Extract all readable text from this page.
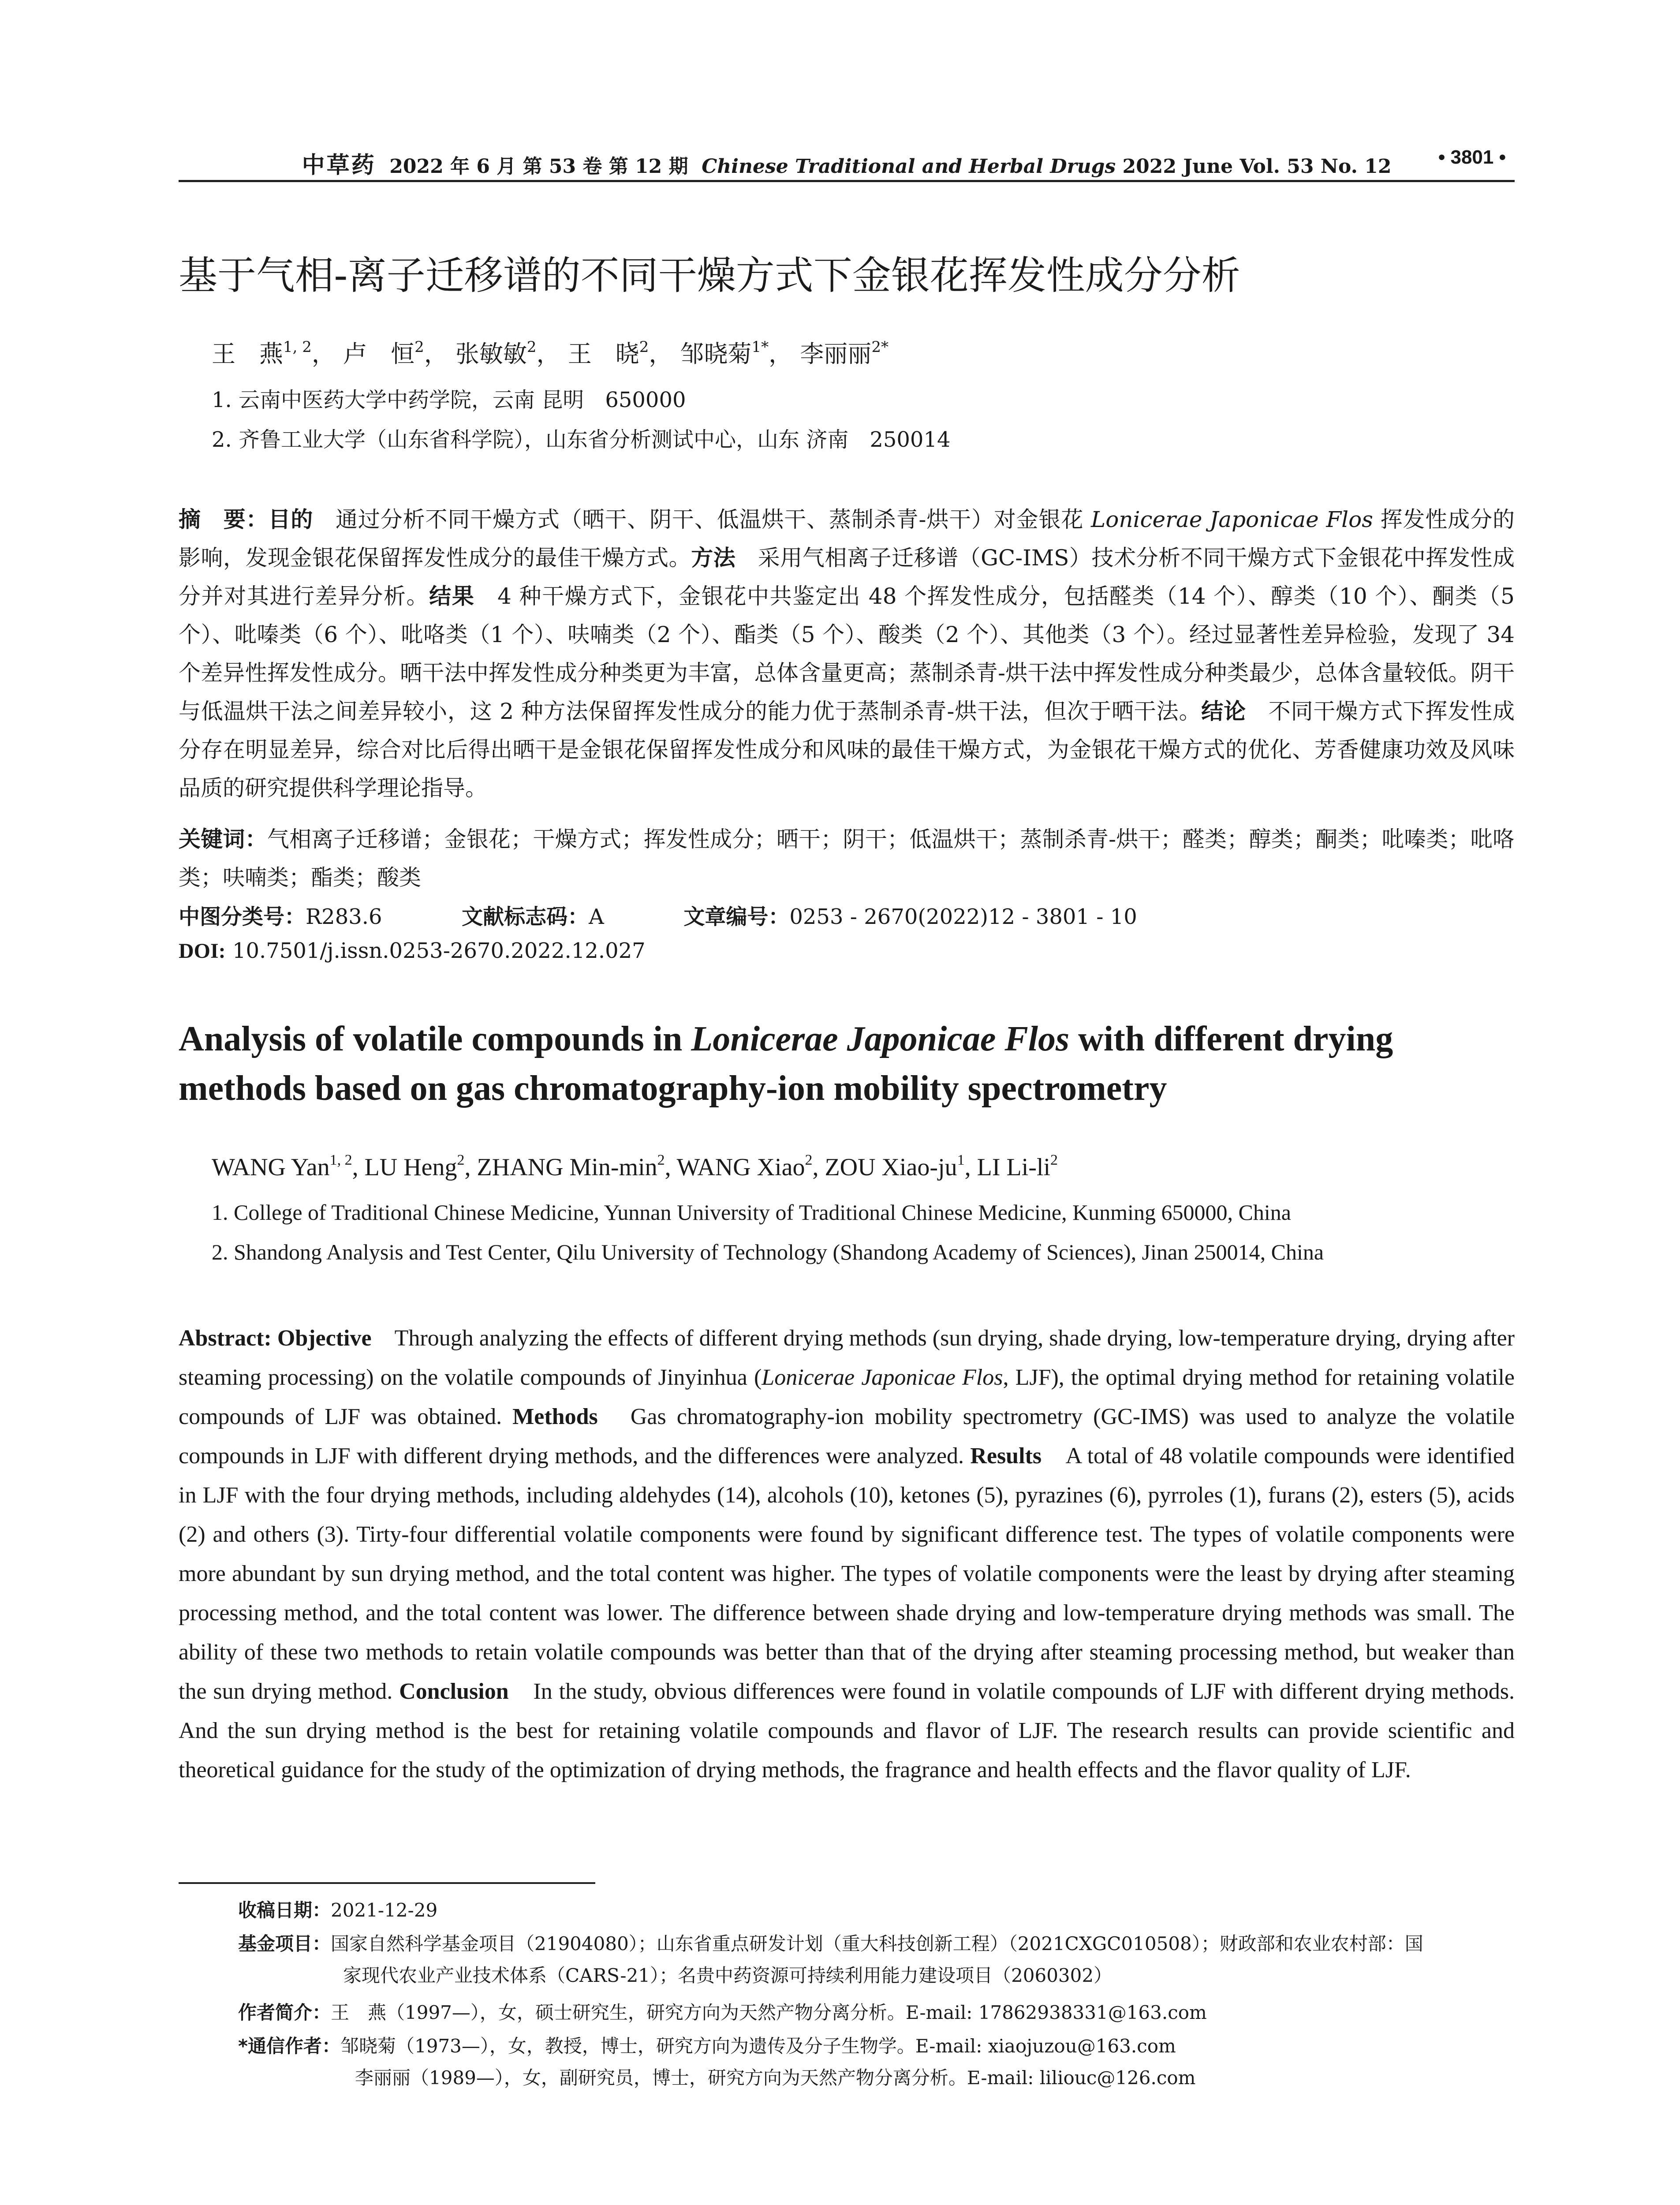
中草药 2022 年 6 月 第 53 卷 第 12 期 Chinese Traditional and Herbal Drugs 2022 June Vol. 53 No. 12	• 3801 •
基于气相-离子迁移谱的不同干燥方式下金银花挥发性成分分析
王　燕$^{1, 2}$， 卢　恒$^2$， 张敏敏$^2$， 王　晓$^2$， 邹晓菊$^{1*}$， 李丽丽$^{2*}$
1. 云南中医药大学中药学院，云南 昆明　650000
2. 齐鲁工业大学（山东省科学院），山东省分析测试中心，山东 济南　250014
摘　要：目的　通过分析不同干燥方式（晒干、阴干、低温烘干、蒸制杀青-烘干）对金银花 Lonicerae Japonicae Flos 挥发性成分的影响，发现金银花保留挥发性成分的最佳干燥方式。方法　采用气相离子迁移谱（GC-IMS）技术分析不同干燥方式下金银花中挥发性成分并对其进行差异分析。结果　4 种干燥方式下，金银花中共鉴定出 48 个挥发性成分，包括醛类（14 个）、醇类（10 个）、酮类（5 个）、吡嗪类（6 个）、吡咯类（1 个）、呋喃类（2 个）、酯类（5 个）、酸类（2 个）、其他类（3 个）。经过显著性差异检验，发现了 34 个差异性挥发性成分。晒干法中挥发性成分种类更为丰富，总体含量更高；蒸制杀青-烘干法中挥发性成分种类最少，总体含量较低。阴干与低温烘干法之间差异较小，这 2 种方法保留挥发性成分的能力优于蒸制杀青-烘干法，但次于晒干法。结论　不同干燥方式下挥发性成分存在明显差异，综合对比后得出晒干是金银花保留挥发性成分和风味的最佳干燥方式，为金银花干燥方式的优化、芳香健康功效及风味品质的研究提供科学理论指导。
关键词：气相离子迁移谱；金银花；干燥方式；挥发性成分；晒干；阴干；低温烘干；蒸制杀青-烘干；醛类；醇类；酮类；吡嗪类；吡咯类；呋喃类；酯类；酸类
中图分类号：R283.6	文献标志码：A	文章编号：0253 - 2670(2022)12 - 3801 - 10
DOI: 10.7501/j.issn.0253-2670.2022.12.027
Analysis of volatile compounds in Lonicerae Japonicae Flos with different drying methods based on gas chromatography-ion mobility spectrometry
WANG Yan$^{1, 2}$, LU Heng$^2$, ZHANG Min-$\min^2$, WANG Xiao$^2$, ZOU Xiao-$ju^1$, LI $Li-li^2$
1. College of Traditional Chinese Medicine, Yunnan University of Traditional Chinese Medicine, Kunming 650000, China
2. Shandong Analysis and Test Center, Qilu University of Technology (Shandong Academy of Sciences), Jinan 250014, China
Abstract: Objective　Through analyzing the effects of different drying methods (sun drying, shade drying, low-temperature drying, drying after steaming processing) on the volatile compounds of Jinyinhua (Lonicerae Japonicae Flos, LJF), the optimal drying method for retaining volatile compounds of LJF was obtained. Methods　Gas chromatography-ion mobility spectrometry (GC-IMS) was used to analyze the volatile compounds in LJF with different drying methods, and the differences were analyzed. Results　A total of 48 volatile compounds were identified in LJF with the four drying methods, including aldehydes (14), alcohols (10), ketones (5), pyrazines (6), pyrroles (1), furans (2), esters (5), acids (2) and others (3). Tirty-four differential volatile components were found by significant difference test. The types of volatile components were more abundant by sun drying method, and the total content was higher. The types of volatile components were the least by drying after steaming processing method, and the total content was lower. The difference between shade drying and low-temperature drying methods was small. The ability of these two methods to retain volatile compounds was better than that of the drying after steaming processing method, but weaker than the sun drying method. Conclusion　In the study, obvious differences were found in volatile compounds of LJF with different drying methods. And the sun drying method is the best for retaining volatile compounds and flavor of LJF. The research results can provide scientific and theoretical guidance for the study of the optimization of drying methods, the fragrance and health effects and the flavor quality of LJF.
收稿日期：2021-12-29
基金项目：国家自然科学基金项目（21904080）；山东省重点研发计划（重大科技创新工程）（2021CXGC010508）；财政部和农业农村部：国
家现代农业产业技术体系（CARS-21）；名贵中药资源可持续利用能力建设项目（2060302）
作者简介：王　燕（1997—），女，硕士研究生，研究方向为天然产物分离分析。E-mail: 17862938331@163.com
*通信作者：邹晓菊（1973—），女，教授，博士，研究方向为遗传及分子生物学。E-mail: xiaojuzou@163.com
李丽丽（1989—），女，副研究员，博士，研究方向为天然产物分离分析。E-mail: liliouc@126.com
